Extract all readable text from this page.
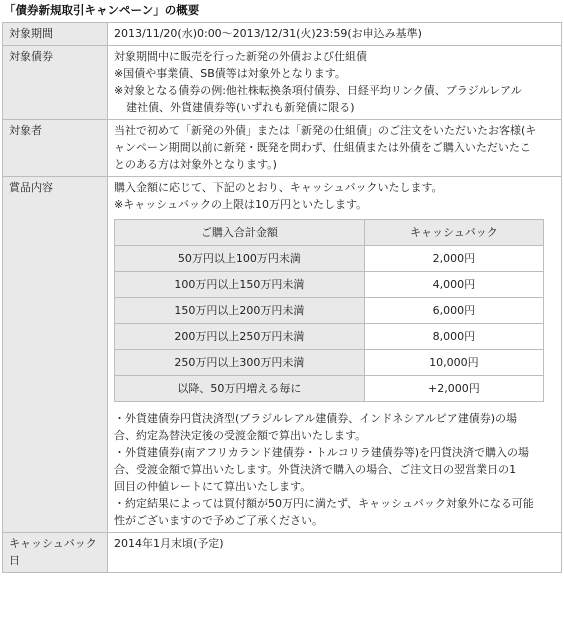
「債券新規取引キャンペーン」の概要
対象期間	2013/11/20(水)0:00～2013/12/31(火)23:59(お申込み基準)
対象債券	対象期間中に販売を行った新発の外債および仕組債
※国債や事業債、SB債等は対象外となります。
※対象となる債券の例:他社株転換条項付債券、日経平均リンク債、ブラジルレアル
建社債、外貨建債券等(いずれも新発債に限る)

対象者	当社で初めて「新発の外債」または「新発の仕組債」のご注文をいただいたお客様(キ
ャンペーン期間以前に新発・既発を問わず、仕組債または外債をご購入いただいたこ
とのある方は対象外となります。)

賞品内容	購入金額に応じて、下記のとおり、キャッシュバックいたします。
※キャッシュバックの上限は10万円といたします。
ご購入合計金額	キャッシュバック
50万円以上100万円未満	2,000円
100万円以上150万円未満	4,000円
150万円以上200万円未満	6,000円
200万円以上250万円未満	8,000円
250万円以上300万円未満	10,000円
以降、50万円増える毎に	+2,000円
・外貨建債券円貨決済型(ブラジルレアル建債券、インドネシアルピア建債券)の場
合、約定為替決定後の受渡金額で算出いたします。
・外貨建債券(南アフリカランド建債券・トルコリラ建債券等)を円貨決済で購入の場
合、受渡金額で算出いたします。外貨決済で購入の場合、ご注文日の翌営業日の1
回目の仲値レートにて算出いたします。
・約定結果によっては買付額が50万円に満たず、キャッシュバック対象外になる可能
性がございますので予めご了承ください。

キャッシュバック日	2014年1月末頃(予定)
